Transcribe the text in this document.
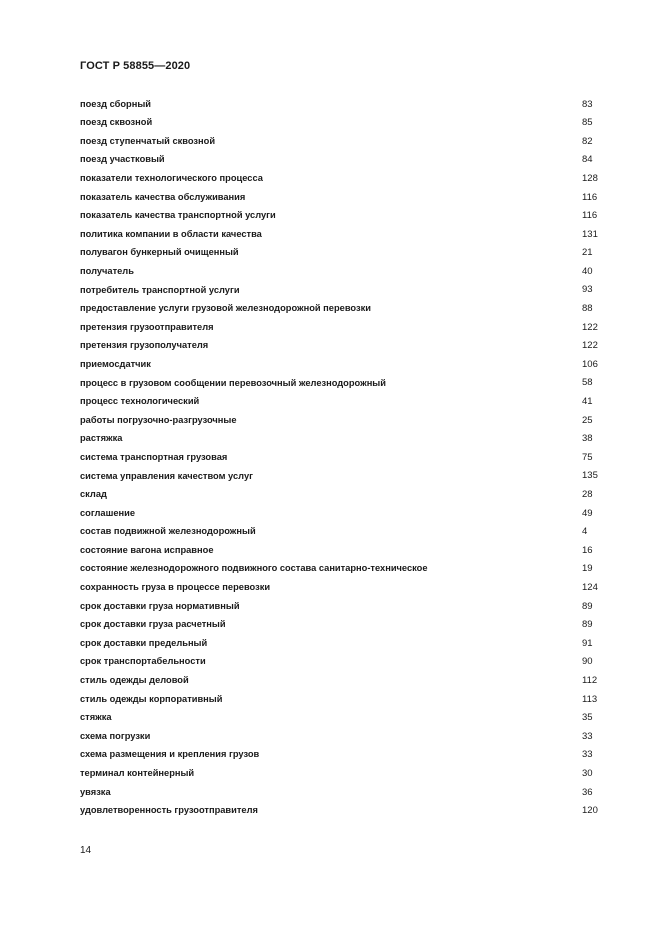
ГОСТ Р 58855—2020
поезд сборный	83
поезд сквозной	85
поезд ступенчатый сквозной	82
поезд участковый	84
показатели технологического процесса	128
показатель качества обслуживания	116
показатель качества транспортной услуги	116
политика компании в области качества	131
полувагон бункерный очищенный	21
получатель	40
потребитель транспортной услуги	93
предоставление услуги грузовой железнодорожной перевозки	88
претензия грузоотправителя	122
претензия грузополучателя	122
приемосдатчик	106
процесс в грузовом сообщении перевозочный железнодорожный	58
процесс технологический	41
работы погрузочно-разгрузочные	25
растяжка	38
система транспортная грузовая	75
система управления качеством услуг	135
склад	28
соглашение	49
состав подвижной железнодорожный	4
состояние вагона исправное	16
состояние железнодорожного подвижного состава санитарно-техническое	19
сохранность груза в процессе перевозки	124
срок доставки груза нормативный	89
срок доставки груза расчетный	89
срок доставки предельный	91
срок транспортабельности	90
стиль одежды деловой	112
стиль одежды корпоративный	113
стяжка	35
схема погрузки	33
схема размещения и крепления грузов	33
терминал контейнерный	30
увязка	36
удовлетворенность грузоотправителя	120
14
